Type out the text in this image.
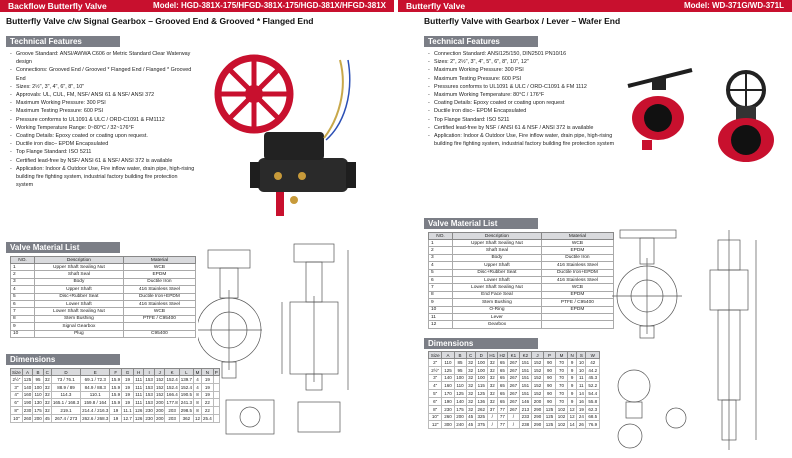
Backflow Butterfly Valve	Model: HGD-381X-175/HFGD-381X-175/HGD-381X/HFGD-381X
Butterfly Valve c/w Signal Gearbox – Grooved End & Grooved * Flanged End
Technical Features
- Groove Standard: ANSI/AWWA C606 or Metric Standard Clear Waterway design
- Connections: Grooved End / Grooved * Flanged End / Flanged * Grooved End
- Sizes: 2½", 3", 4", 6", 8", 10"
- Approvals: UL, CUL, FM, NSF/ ANSI 61 & NSF/ ANSI 372
- Maximum Working Pressure: 300 PSI
- Maximum Testing Pressure: 600 PSI
- Pressure conforms to UL1091 & ULC / ORD-C1091 & FM1112
- Working Temperature Range: 0~80°C / 32~176°F
- Coating Details: Epoxy coated or coating upon request.
- Ductile iron disc– EPDM Encapsulated
- Top Flange Standard: ISO 5211
- Certified lead-free by NSF/ ANSI 61 & NSF/ ANSI 372 is available
- Application: Indoor & Outdoor Use, Fire inflow water, drain pipe, high-rising building fire fighting system, industrial factory building fire protection system
Valve Material List
NO.	Description	Material
1	Upper Shaft Sealing Nut	WCB
2	Shaft Seal	EPDM
3	Body	Ductile Iron
4	Upper Shaft	416 Stainless Steel
5	Disc+Rubber Seat	Ductile Iron+EPDM
6	Lower Shaft	416 Stainless Steel
7	Lower Shaft Sealing Nut	WCB
8	Stem Bushing	PTFE / C95400
9	Signal Gearbox	
10	Plug	C95400
Dimensions
Size	A	B	C	D	E	F	G	H	I	J	K	L	M	N	P
2½"	125	95	32	73 / 76.1	69.1 / 72.3	15.9	19	111	153	152	152.4	139.7	4	19	
3"	140	100	32	88.9 / 89	84.9 / 88.3	15.9	19	111	153	152	152.4	152.4	4	19	
4"	160	110	32	114.3	110.1	15.9	19	111	153	152	166.4	190.5	8	19	
6"	190	130	32	165.1 / 168.3	159.8 / 164	15.9	19	111	153	200	177.8	241.3	8	22	
8"	230	175	32	219.1	214.4 / 216.3	19	11.1	126	230	200	203	298.5	8	22	
10"	260	200	45	267.4 / 273	262.6 / 268.3	19	12.7	126	230	200	203	362	12	25.4	
Butterfly Valve	Model: WD-371G/WD-371L
Butterfly Valve with Gearbox / Lever – Wafer End
Technical Features
- Connection Standard: ANSI125/150, DIN2501 PN10/16
- Sizes: 2", 2½", 3", 4", 5", 6", 8", 10", 12"
- Maximum Working Pressure: 300 PSI
- Maximum Testing Pressure: 600 PSI
- Pressures conforms to UL1091 & ULC / ORD-C1091 & FM 1112
- Maximum Working Temperature: 80°C / 176°F
- Coating Details: Epoxy coated or coating upon request
- Ductile iron disc– EPDM Encapsulated
- Top Flange Standard: ISO 5211
- Certified lead-free by NSF / ANSI 61 & NSF / ANSI 372 is available
- Application: Indoor & Outdoor Use, Fire inflow water, drain pipe, high-rising building fire fighting system, industrial factory building fire protection system
Valve Material List
NO.	Description	Material
1	Upper Shaft Sealing Nut	WCB
2	Shaft Seal	EPDM
3	Body	Ductile Iron
4	Upper Shaft	416 Stainless Steel
5	Disc+Rubber Seat	Ductile Iron+EPDM
6	Lower Shaft	416 Stainless Steel
7	Lower Shaft Sealing Nut	WCB
8	End Face Seal	EPDM
9	Stem Bushing	PTFE / C95400
10	O-Ring	EPDM
11	Lever	
12	Gearbox	
Dimensions
Size	A	B	C	D	H1	H2	K1	K2	J	P	M	N	S	W
2"	110	85	32	100	32	65	267	151	152	90	70	9	10	42
2½"	125	95	32	100	32	65	267	151	152	90	70	9	10	44.2
3"	140	100	32	100	32	65	267	151	152	90	70	9	11	45.3
4"	160	110	32	115	32	65	267	151	152	90	70	9	11	52.2
5"	170	125	32	125	32	65	267	151	152	90	70	9	14	54.4
6"	190	140	32	136	32	65	267	146	200	90	70	9	16	55.8
8"	230	175	32	262	37	77	267	213	290	125	102	12	19	62.3
10"	260	200	45	325	/	77	/	233	290	125	102	12	24	68.5
12"	300	240	45	375	/	77	/	238	290	125	102	14	26	76.9
